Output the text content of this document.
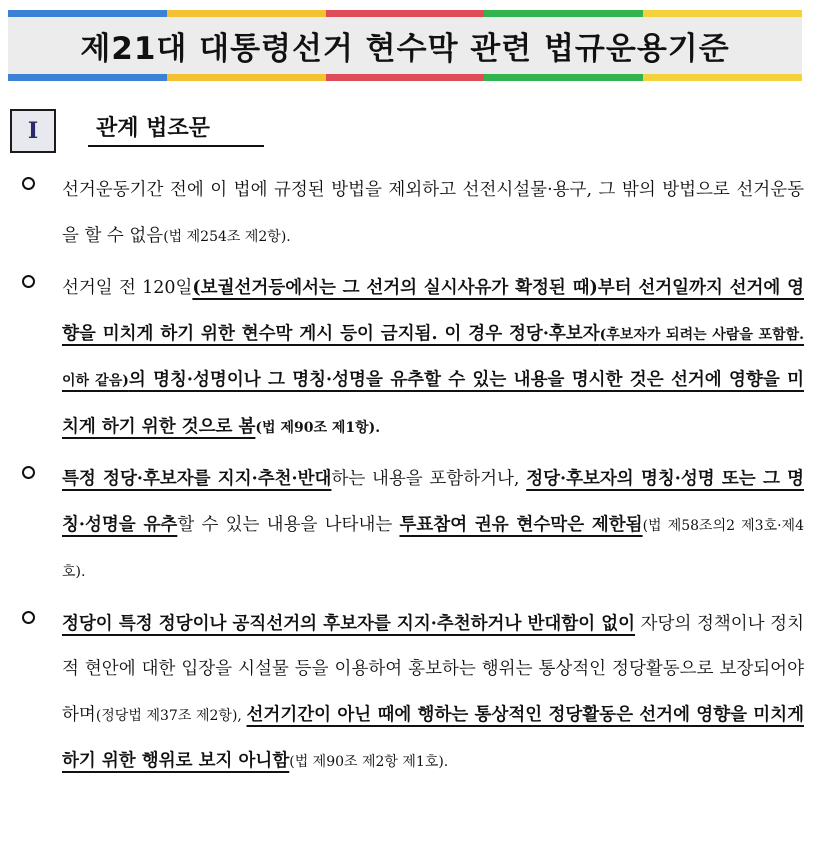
제21대 대통령선거 현수막 관련 법규운용기준
Ⅰ	관계 법조문

선거운동기간 전에 이 법에 규정된 방법을 제외하고 선전시설물·용구, 그 밖의 방법으로 선거운동을 할 수 없음(법 제254조 제2항).

선거일 전 120일(보궐선거등에서는 그 선거의 실시사유가 확정된 때)부터 선거일까지 선거에 영향을 미치게 하기 위한 현수막 게시 등이 금지됨. 이 경우 정당·후보자(후보자가 되려는 사람을 포함함. 이하 같음)의 명칭·성명이나 그 명칭·성명을 유추할 수 있는 내용을 명시한 것은 선거에 영향을 미치게 하기 위한 것으로 봄(법 제90조 제1항).

특정 정당·후보자를 지지·추천·반대하는 내용을 포함하거나, 정당·후보자의 명칭·성명 또는 그 명칭·성명을 유추할 수 있는 내용을 나타내는 투표참여 권유 현수막은 제한됨(법 제58조의2 제3호·제4호).

정당이 특정 정당이나 공직선거의 후보자를 지지·추천하거나 반대함이 없이 자당의 정책이나 정치적 현안에 대한 입장을 시설물 등을 이용하여 홍보하는 행위는 통상적인 정당활동으로 보장되어야 하며(정당법 제37조 제2항), 선거기간이 아닌 때에 행하는 통상적인 정당활동은 선거에 영향을 미치게 하기 위한 행위로 보지 아니함(법 제90조 제2항 제1호).
